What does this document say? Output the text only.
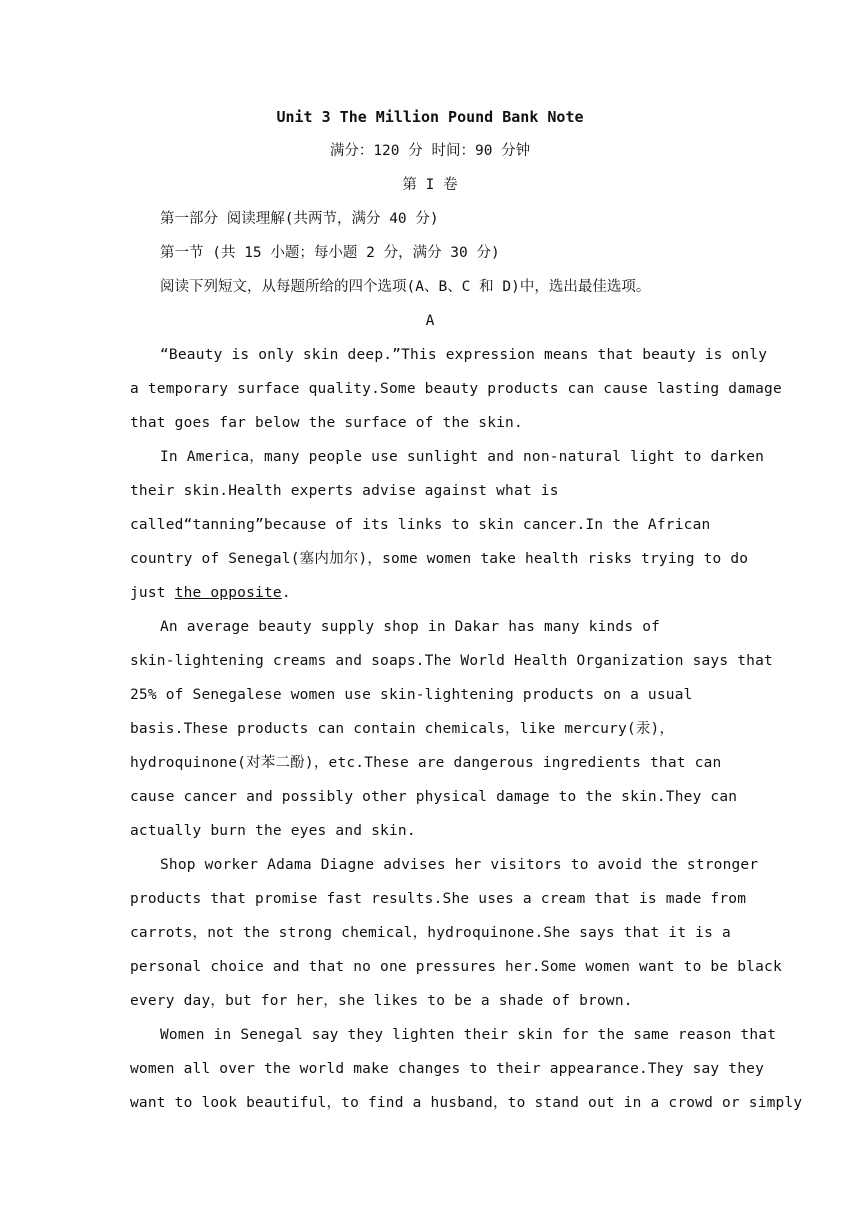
Unit 3 The Million Pound Bank Note
满分：120 分 时间：90 分钟
第 I 卷
第一部分 阅读理解(共两节，满分 40 分)
第一节 (共 15 小题；每小题 2 分，满分 30 分)
阅读下列短文，从每题所给的四个选项(A、B、C 和 D)中，选出最佳选项。
A
“Beauty is only skin deep.”This expression means that beauty is only
a temporary surface quality.Some beauty products can cause lasting damage
that goes far below the surface of the skin.
In America，many people use sunlight and non-natural light to darken
their skin.Health experts advise against what is
called“tanning”because of its links to skin cancer.In the African
country of Senegal(塞内加尔)，some women take health risks trying to do
just the opposite.
An average beauty supply shop in Dakar has many kinds of
skin-lightening creams and soaps.The World Health Organization says that
25% of Senegalese women use skin-lightening products on a usual
basis.These products can contain chemicals，like mercury(汞)，
hydroquinone(对苯二酚)，etc.These are dangerous ingredients that can
cause cancer and possibly other physical damage to the skin.They can
actually burn the eyes and skin.
Shop worker Adama Diagne advises her visitors to avoid the stronger
products that promise fast results.She uses a cream that is made from
carrots，not the strong chemical，hydroquinone.She says that it is a
personal choice and that no one pressures her.Some women want to be black
every day，but for her，she likes to be a shade of brown.
Women in Senegal say they lighten their skin for the same reason that
women all over the world make changes to their appearance.They say they
want to look beautiful，to find a husband，to stand out in a crowd or simply
